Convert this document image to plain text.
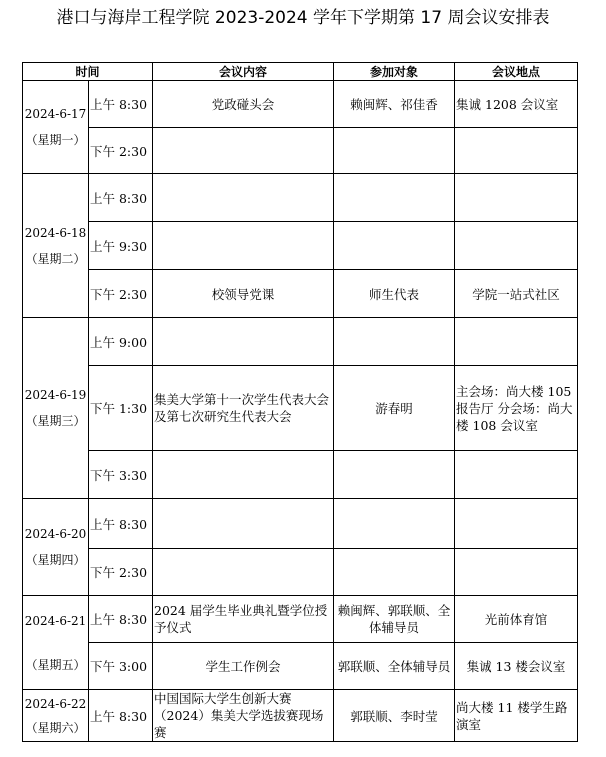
港口与海岸工程学院 2023-2024 学年下学期第 17 周会议安排表
时间		会议内容	参加对象	会议地点

2024-6-17
（星期一）	上午 8:30	党政碰头会	赖闽辉、祁佳香	集诚 1208 会议室
	下午 2:30			

2024-6-18
（星期二）	上午 8:30			
	上午 9:30			
	下午 2:30	校领导党课	师生代表	学院一站式社区

2024-6-19
（星期三）	上午 9:00			
	下午 1:30	集美大学第十一次学生代表大会及第七次研究生代表大会	游春明	主会场：尚大楼 105 报告厅 分会场：尚大楼 108 会议室
	下午 3:30			

2024-6-20
（星期四）	上午 8:30			
	下午 2:30			

2024-6-21
（星期五）	上午 8:30	2024 届学生毕业典礼暨学位授予仪式	赖闽辉、郭联顺、全体辅导员	光前体育馆
	下午 3:00	学生工作例会	郭联顺、全体辅导员	集诚 13 楼会议室

2024-6-22
（星期六）	上午 8:30	中国国际大学生创新大赛（2024）集美大学选拔赛现场赛	郭联顺、李时莹	尚大楼 11 楼学生路演室
